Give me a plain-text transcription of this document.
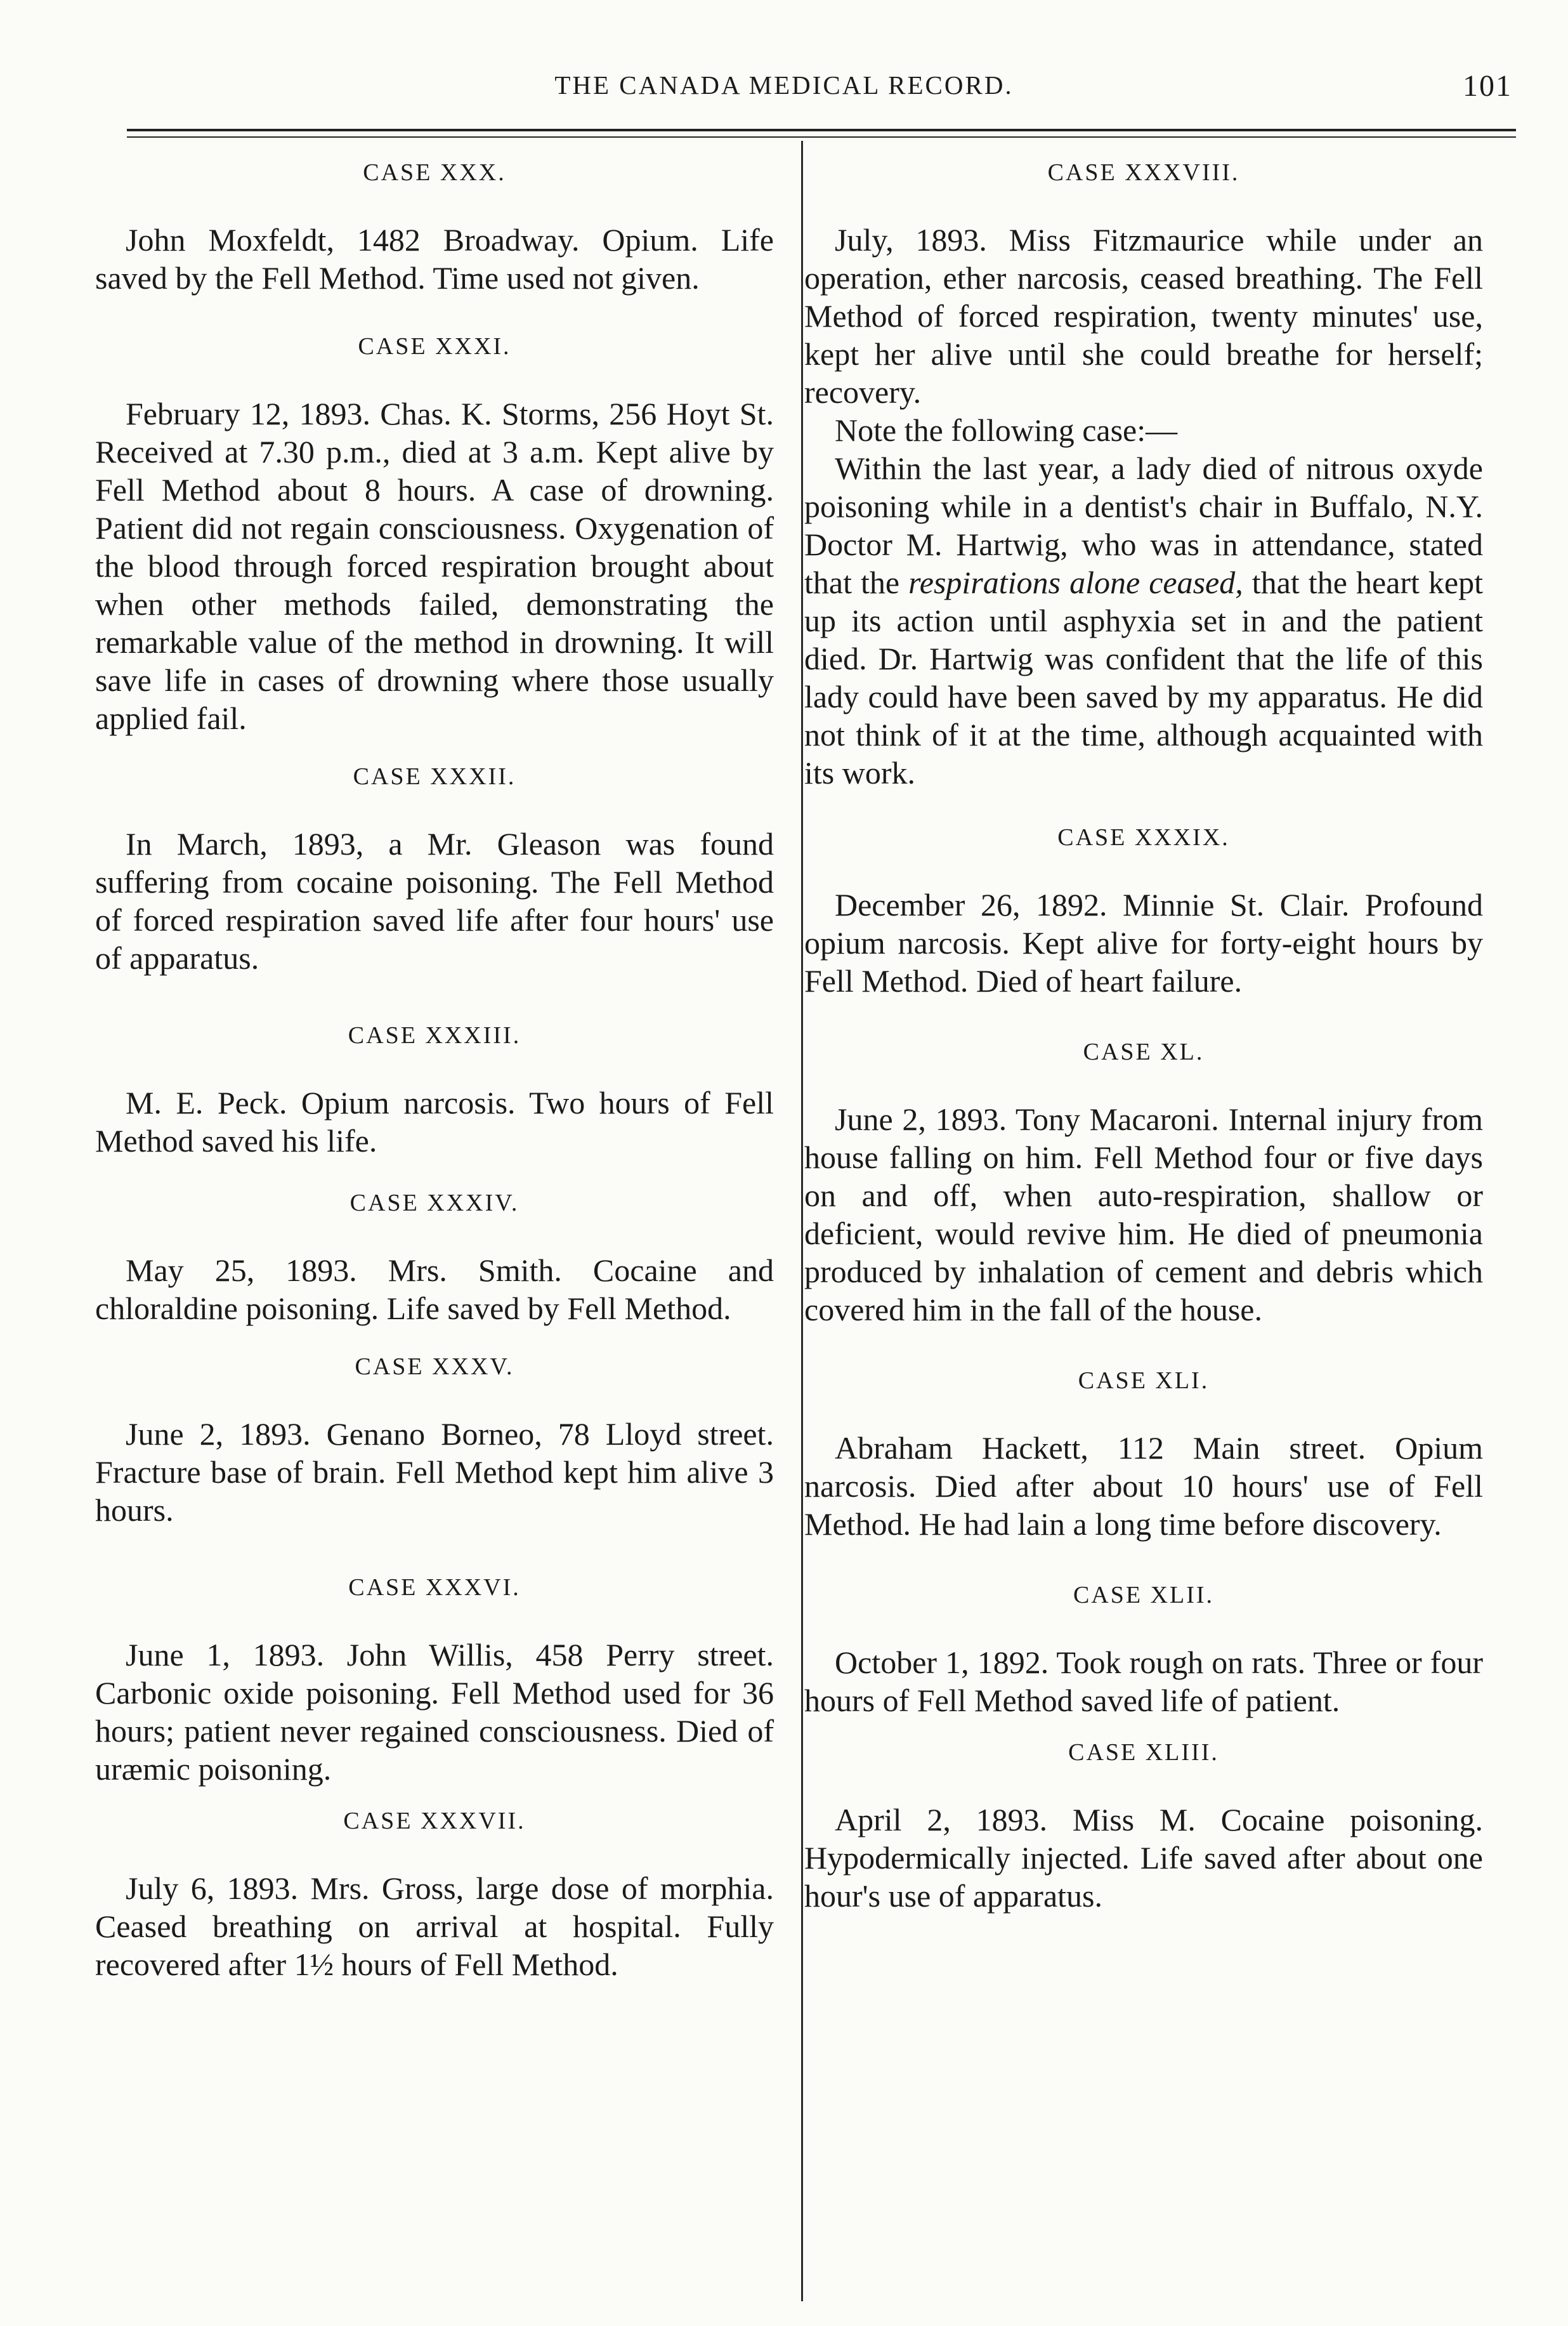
THE CANADA MEDICAL RECORD.	101
CASE XXX.

John Moxfeldt, 1482 Broadway. Opium. Life saved by the Fell Method. Time used not given.

CASE XXXI.

February 12, 1893. Chas. K. Storms, 256 Hoyt St. Received at 7.30 p.m., died at 3 a.m. Kept alive by Fell Method about 8 hours. A case of drowning. Patient did not regain consciousness. Oxygenation of the blood through forced respiration brought about when other methods failed, demonstrating the remarkable value of the method in drowning. It will save life in cases of drowning where those usually applied fail.

CASE XXXII.

In March, 1893, a Mr. Gleason was found suffering from cocaine poisoning. The Fell Method of forced respiration saved life after four hours' use of apparatus.

CASE XXXIII.

M. E. Peck. Opium narcosis. Two hours of Fell Method saved his life.

CASE XXXIV.

May 25, 1893. Mrs. Smith. Cocaine and chloraldine poisoning. Life saved by Fell Method.

CASE XXXV.

June 2, 1893. Genano Borneo, 78 Lloyd street. Fracture base of brain. Fell Method kept him alive 3 hours.

CASE XXXVI.

June 1, 1893. John Willis, 458 Perry street. Carbonic oxide poisoning. Fell Method used for 36 hours; patient never regained consciousness. Died of uræmic poisoning.

CASE XXXVII.

July 6, 1893. Mrs. Gross, large dose of morphia. Ceased breathing on arrival at hospital. Fully recovered after 1½ hours of Fell Method.

CASE XXXVIII.

July, 1893. Miss Fitzmaurice while under an operation, ether narcosis, ceased breathing. The Fell Method of forced respiration, twenty minutes' use, kept her alive until she could breathe for herself; recovery.

Note the following case:—

Within the last year, a lady died of nitrous oxyde poisoning while in a dentist's chair in Buffalo, N.Y. Doctor M. Hartwig, who was in attendance, stated that the respirations alone ceased, that the heart kept up its action until asphyxia set in and the patient died. Dr. Hartwig was confident that the life of this lady could have been saved by my apparatus. He did not think of it at the time, although acquainted with its work.

CASE XXXIX.

December 26, 1892. Minnie St. Clair. Profound opium narcosis. Kept alive for forty-eight hours by Fell Method. Died of heart failure.

CASE XL.

June 2, 1893. Tony Macaroni. Internal injury from house falling on him. Fell Method four or five days on and off, when auto-respiration, shallow or deficient, would revive him. He died of pneumonia produced by inhalation of cement and debris which covered him in the fall of the house.

CASE XLI.

Abraham Hackett, 112 Main street. Opium narcosis. Died after about 10 hours' use of Fell Method. He had lain a long time before discovery.

CASE XLII.

October 1, 1892. Took rough on rats. Three or four hours of Fell Method saved life of patient.

CASE XLIII.

April 2, 1893. Miss M. Cocaine poisoning. Hypodermically injected. Life saved after about one hour's use of apparatus.
